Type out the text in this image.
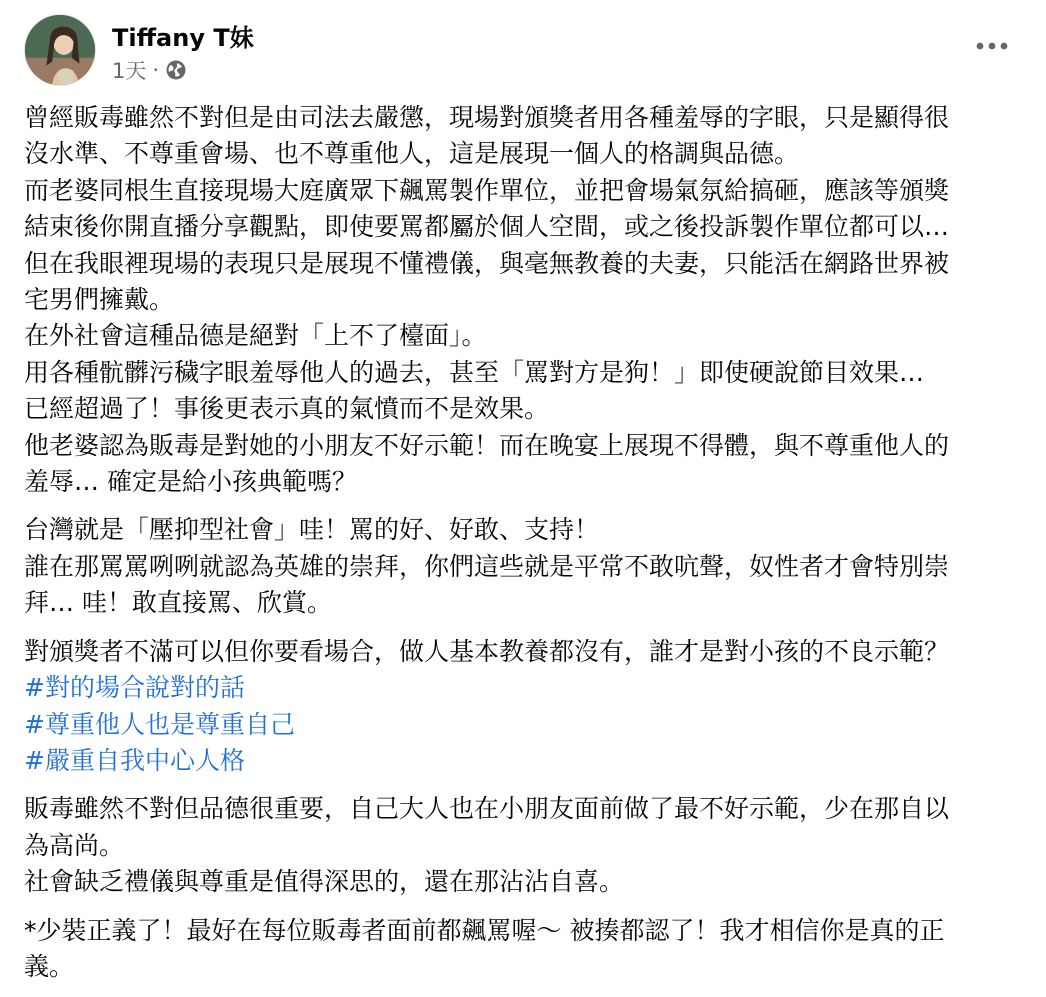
Tiffany T妹
1天 ·
曾經販毒雖然不對但是由司法去嚴懲，現場對頒獎者用各種羞辱的字眼，只是顯得很
沒水準、不尊重會場、也不尊重他人，這是展現一個人的格調與品德。
而老婆同根生直接現場大庭廣眾下飆罵製作單位，並把會場氣氛給搞砸，應該等頒獎
結束後你開直播分享觀點，即使要罵都屬於個人空間，或之後投訴製作單位都可以…
但在我眼裡現場的表現只是展現不懂禮儀，與毫無教養的夫妻，只能活在網路世界被
宅男們擁戴。
在外社會這種品德是絕對「上不了檯面」。
用各種骯髒污穢字眼羞辱他人的過去，甚至「罵對方是狗！」即使硬說節目效果…
已經超過了！事後更表示真的氣憤而不是效果。
他老婆認為販毒是對她的小朋友不好示範！而在晚宴上展現不得體，與不尊重他人的
羞辱… 確定是給小孩典範嗎？
台灣就是「壓抑型社會」哇！罵的好、好敢、支持！
誰在那罵罵咧咧就認為英雄的崇拜，你們這些就是平常不敢吭聲，奴性者才會特別崇
拜… 哇！敢直接罵、欣賞。
對頒獎者不滿可以但你要看場合，做人基本教養都沒有，誰才是對小孩的不良示範？
#對的場合說對的話
#尊重他人也是尊重自己
#嚴重自我中心人格
販毒雖然不對但品德很重要，自己大人也在小朋友面前做了最不好示範，少在那自以
為高尚。
社會缺乏禮儀與尊重是值得深思的，還在那沾沾自喜。
*少裝正義了！最好在每位販毒者面前都飆罵喔～ 被揍都認了！我才相信你是真的正
義。
